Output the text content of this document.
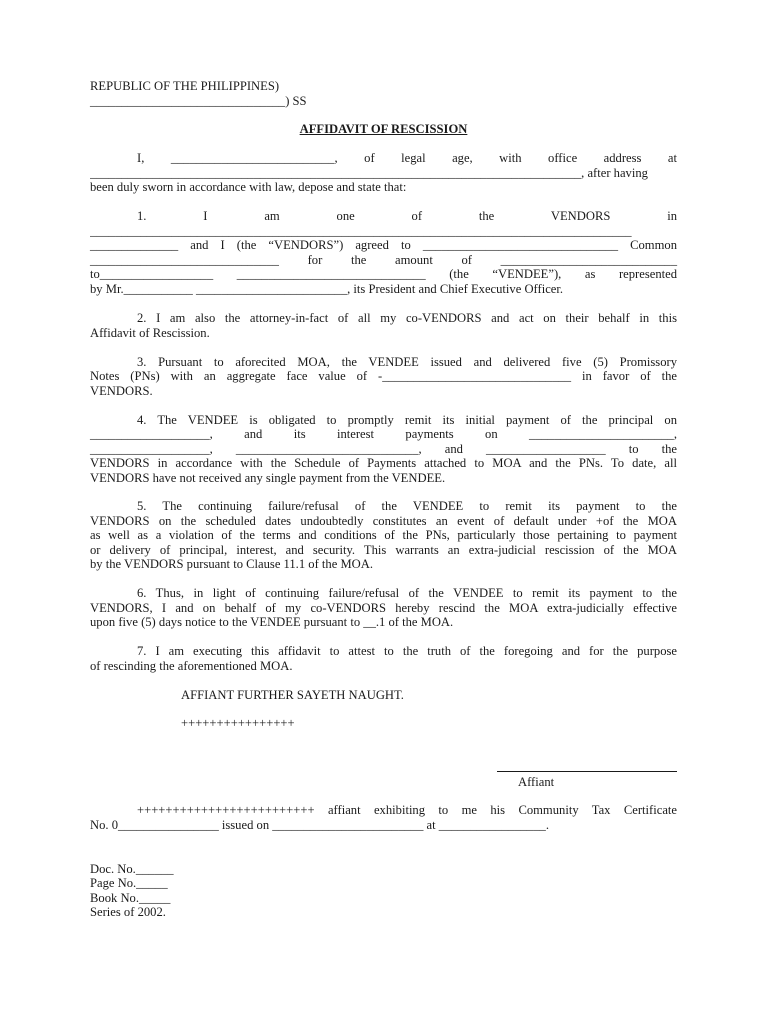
REPUBLIC OF THE PHILIPPINES)

_______________________________) SS

AFFIDAVIT OF RESCISSION

I, __________________________, of legal age, with office address at

______________________________________________________________________________, after having

been duly sworn in accordance with law, depose and state that:

1. I am one of the VENDORS in

______________________________________________________________________________________

______________ and I (the “VENDORS”) agreed to _______________________________ Common

______________________________ for the amount of ____________________________

to__________________ ______________________________ (the “VENDEE”), as represented

by Mr.___________ ________________________, its President and Chief Executive Officer.

2. I am also the attorney-in-fact of all my co-VENDORS and act on their behalf in this

Affidavit of Rescission.

3. Pursuant to aforecited MOA, the VENDEE issued and delivered five (5) Promissory

Notes (PNs) with an aggregate face value of -______________________________ in favor of the

VENDORS.

4. The VENDEE is obligated to promptly remit its initial payment of the principal on

___________________, and its interest payments on _______________________,

___________________, _____________________________, and ___________________ to the

VENDORS in accordance with the Schedule of Payments attached to MOA and the PNs. To date, all

VENDORS have not received any single payment from the VENDEE.

5. The continuing failure/refusal of the VENDEE to remit its payment to the

VENDORS on the scheduled dates undoubtedly constitutes an event of default under +of the MOA

as well as a violation of the terms and conditions of the PNs, particularly those pertaining to payment

or delivery of principal, interest, and security. This warrants an extra-judicial rescission of the MOA

by the VENDORS pursuant to Clause 11.1 of the MOA.

6. Thus, in light of continuing failure/refusal of the VENDEE to remit its payment to the

VENDORS, I and on behalf of my co-VENDORS hereby rescind the MOA extra-judicially effective

upon five (5) days notice to the VENDEE pursuant to __.1 of the MOA.

7. I am executing this affidavit to attest to the truth of the foregoing and for the purpose

of rescinding the aforementioned MOA.

AFFIANT FURTHER SAYETH NAUGHT.

++++++++++++++++

Affiant

+++++++++++++++++++++++++ affiant exhibiting to me his Community Tax Certificate

No. 0________________ issued on ________________________ at _________________.

Doc. No.______

Page No._____

Book No._____

Series of 2002.
